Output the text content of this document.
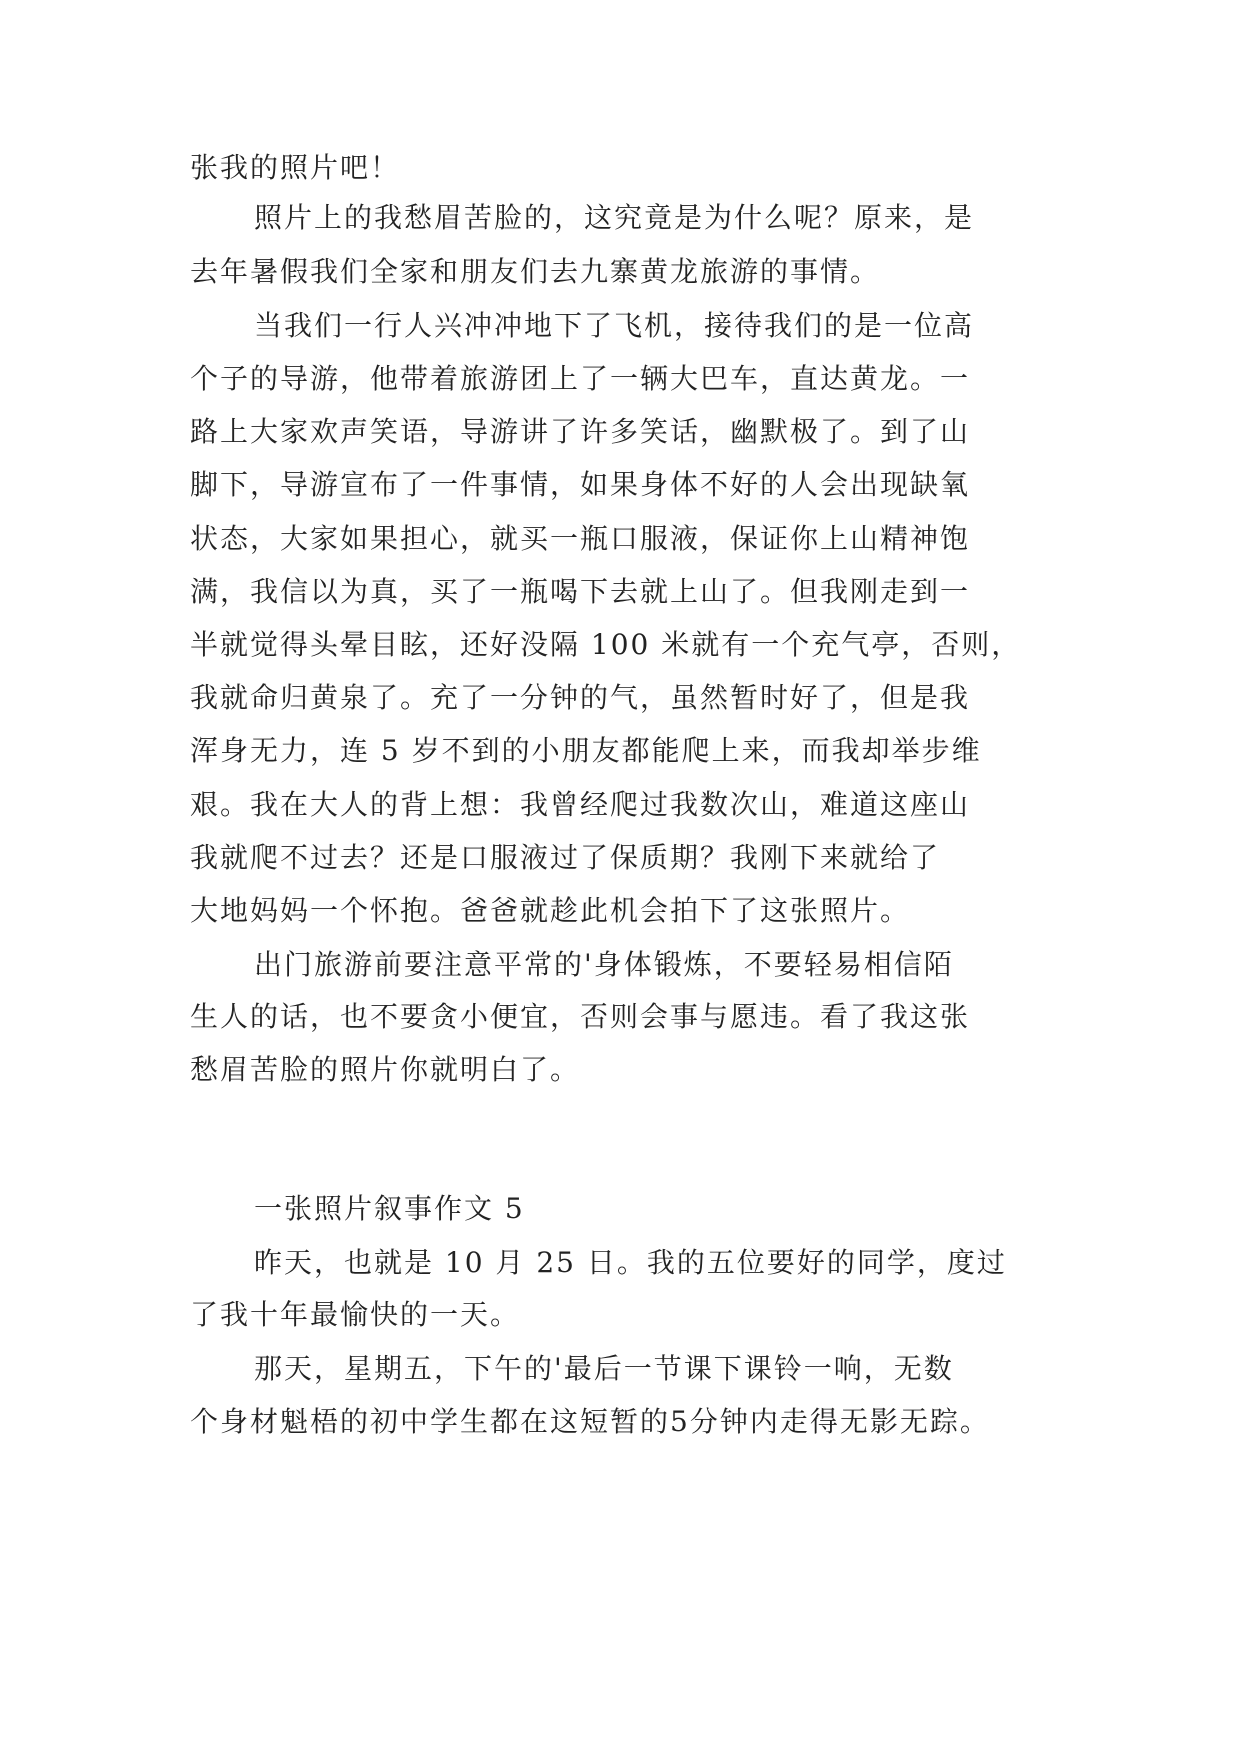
张我的照片吧！
照片上的我愁眉苦脸的，这究竟是为什么呢？原来，是
去年暑假我们全家和朋友们去九寨黄龙旅游的事情。
当我们一行人兴冲冲地下了飞机，接待我们的是一位高
个子的导游，他带着旅游团上了一辆大巴车，直达黄龙。一
路上大家欢声笑语，导游讲了许多笑话，幽默极了。到了山
脚下，导游宣布了一件事情，如果身体不好的人会出现缺氧
状态，大家如果担心，就买一瓶口服液，保证你上山精神饱
满，我信以为真，买了一瓶喝下去就上山了。但我刚走到一
半就觉得头晕目眩，还好没隔 100 米就有一个充气亭，否则，
我就命归黄泉了。充了一分钟的气，虽然暂时好了，但是我
浑身无力，连 5 岁不到的小朋友都能爬上来，而我却举步维
艰。我在大人的背上想：我曾经爬过我数次山，难道这座山
我就爬不过去？还是口服液过了保质期？我刚下来就给了
大地妈妈一个怀抱。爸爸就趁此机会拍下了这张照片。
出门旅游前要注意平常的'身体锻炼，不要轻易相信陌
生人的话，也不要贪小便宜，否则会事与愿违。看了我这张
愁眉苦脸的照片你就明白了。
一张照片叙事作文 5
昨天，也就是 10 月 25 日。我的五位要好的同学，度过
了我十年最愉快的一天。
那天，星期五，下午的'最后一节课下课铃一响，无数
个身材魁梧的初中学生都在这短暂的5分钟内走得无影无踪。
